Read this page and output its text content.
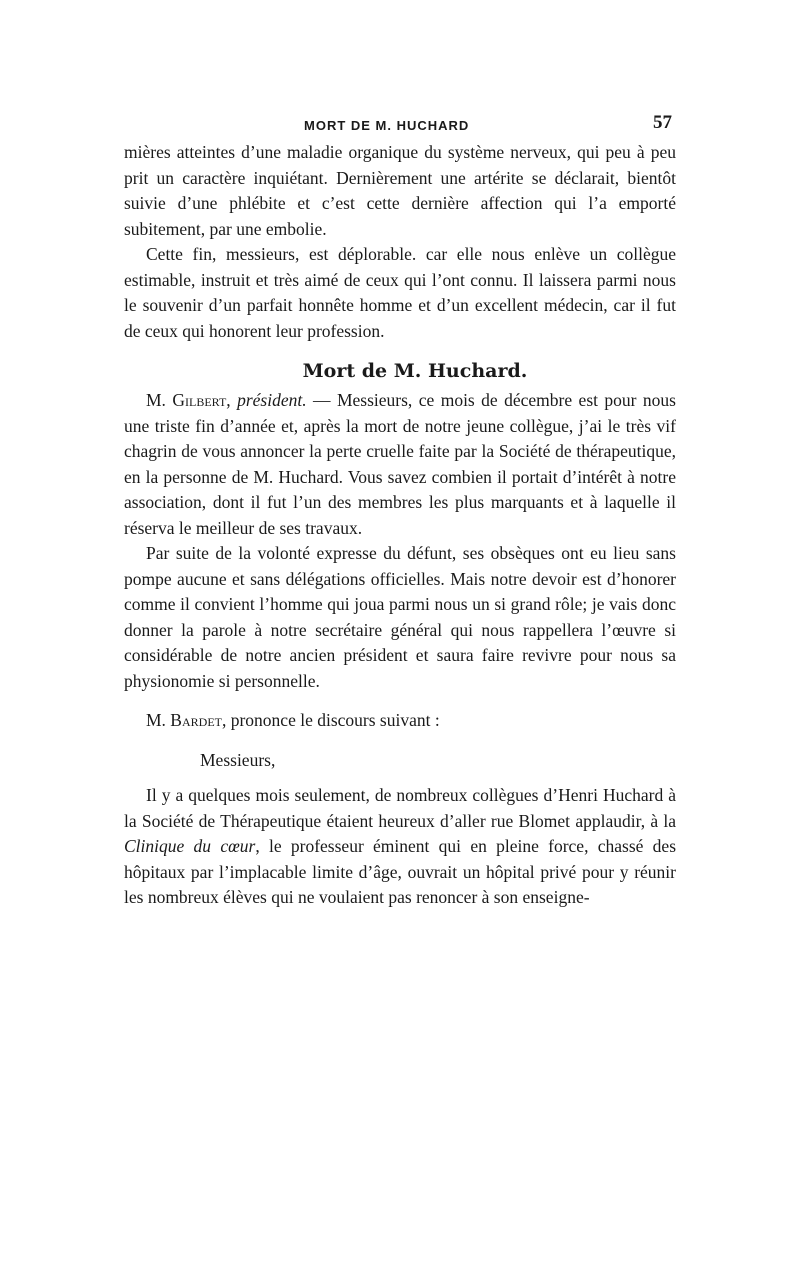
MORT DE M. HUCHARD	57

mières atteintes d’une maladie organique du système nerveux, qui peu à peu prit un caractère inquiétant. Dernièrement une artérite se déclarait, bientôt suivie d’une phlébite et c’est cette dernière affection qui l’a emporté subitement, par une embolie.

Cette fin, messieurs, est déplorable. car elle nous enlève un collègue estimable, instruit et très aimé de ceux qui l’ont connu. Il laissera parmi nous le souvenir d’un parfait honnête homme et d’un excellent médecin, car il fut de ceux qui honorent leur profession.

Mort de M. Huchard.

M. Gilbert, président. — Messieurs, ce mois de décembre est pour nous une triste fin d’année et, après la mort de notre jeune collègue, j’ai le très vif chagrin de vous annoncer la perte cruelle faite par la Société de thérapeutique, en la personne de M. Huchard. Vous savez combien il portait d’intérêt à notre association, dont il fut l’un des membres les plus marquants et à laquelle il réserva le meilleur de ses travaux.

Par suite de la volonté expresse du défunt, ses obsèques ont eu lieu sans pompe aucune et sans délégations officielles. Mais notre devoir est d’honorer comme il convient l’homme qui joua parmi nous un si grand rôle; je vais donc donner la parole à notre secrétaire général qui nous rappellera l’œuvre si considérable de notre ancien président et saura faire revivre pour nous sa physionomie si personnelle.

M. Bardet, prononce le discours suivant :

Messieurs,

Il y a quelques mois seulement, de nombreux collègues d’Henri Huchard à la Société de Thérapeutique étaient heureux d’aller rue Blomet applaudir, à la Clinique du cœur, le professeur éminent qui en pleine force, chassé des hôpitaux par l’implacable limite d’âge, ouvrait un hôpital privé pour y réunir les nombreux élèves qui ne voulaient pas renoncer à son enseigne-
